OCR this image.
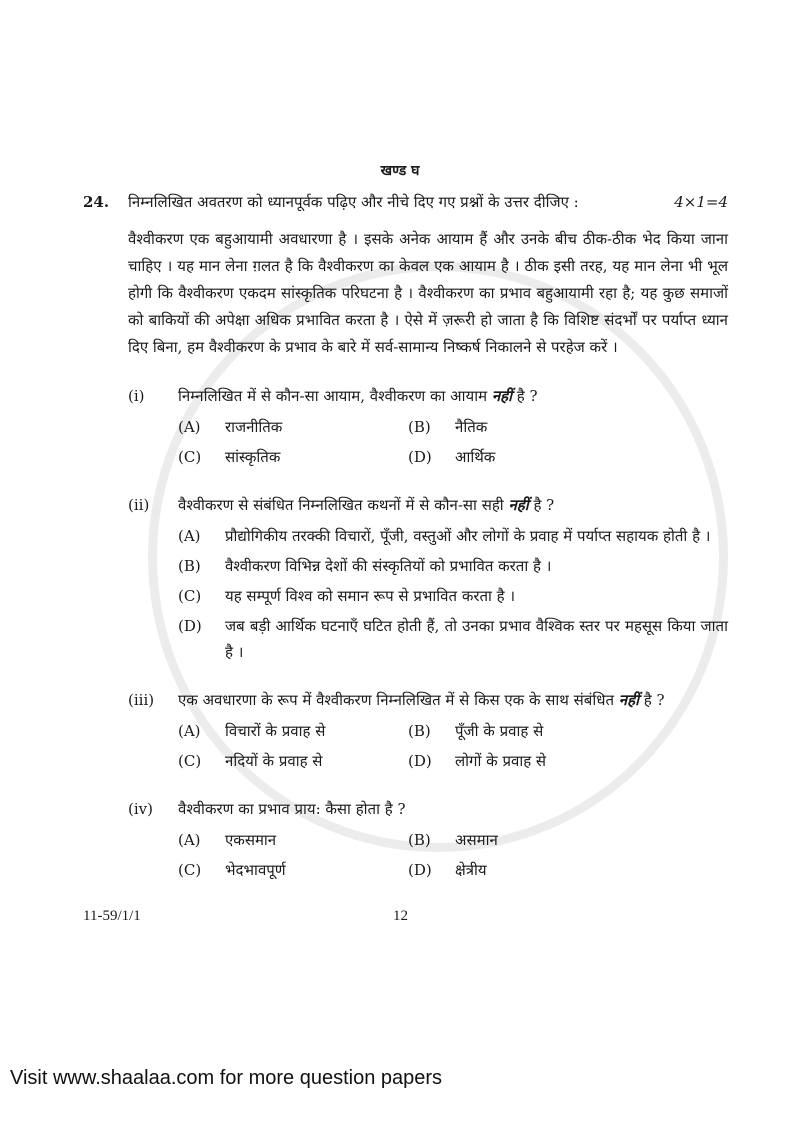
खण्ड घ
24.	निम्नलिखित अवतरण को ध्यानपूर्वक पढ़िए और नीचे दिए गए प्रश्नों के उत्तर दीजिए :	4×1=4
वैश्वीकरण एक बहुआयामी अवधारणा है । इसके अनेक आयाम हैं और उनके बीच ठीक-ठीक भेद किया जाना चाहिए । यह मान लेना ग़लत है कि वैश्वीकरण का केवल एक आयाम है । ठीक इसी तरह, यह मान लेना भी भूल होगी कि वैश्वीकरण एकदम सांस्कृतिक परिघटना है । वैश्वीकरण का प्रभाव बहुआयामी रहा है; यह कुछ समाजों को बाकियों की अपेक्षा अधिक प्रभावित करता है । ऐसे में ज़रूरी हो जाता है कि विशिष्ट संदर्भों पर पर्याप्त ध्यान दिए बिना, हम वैश्वीकरण के प्रभाव के बारे में सर्व-सामान्य निष्कर्ष निकालने से परहेज करें ।
(i)	निम्नलिखित में से कौन-सा आयाम, वैश्वीकरण का आयाम नहीं है ?
(A)	राजनीतिक	(B)	नैतिक
(C)	सांस्कृतिक	(D)	आर्थिक
(ii)	वैश्वीकरण से संबंधित निम्नलिखित कथनों में से कौन-सा सही नहीं है ?
(A)	प्रौद्योगिकीय तरक्की विचारों, पूँजी, वस्तुओं और लोगों के प्रवाह में पर्याप्त सहायक होती है ।
(B)	वैश्वीकरण विभिन्न देशों की संस्कृतियों को प्रभावित करता है ।
(C)	यह सम्पूर्ण विश्व को समान रूप से प्रभावित करता है ।
(D)	जब बड़ी आर्थिक घटनाएँ घटित होती हैं, तो उनका प्रभाव वैश्विक स्तर पर महसूस किया जाता है ।
(iii)	एक अवधारणा के रूप में वैश्वीकरण निम्नलिखित में से किस एक के साथ संबंधित नहीं है ?
(A)	विचारों के प्रवाह से	(B)	पूँजी के प्रवाह से
(C)	नदियों के प्रवाह से	(D)	लोगों के प्रवाह से
(iv)	वैश्वीकरण का प्रभाव प्राय: कैसा होता है ?
(A)	एकसमान	(B)	असमान
(C)	भेदभावपूर्ण	(D)	क्षेत्रीय
11-59/1/1	12
Visit www.shaalaa.com for more question papers
